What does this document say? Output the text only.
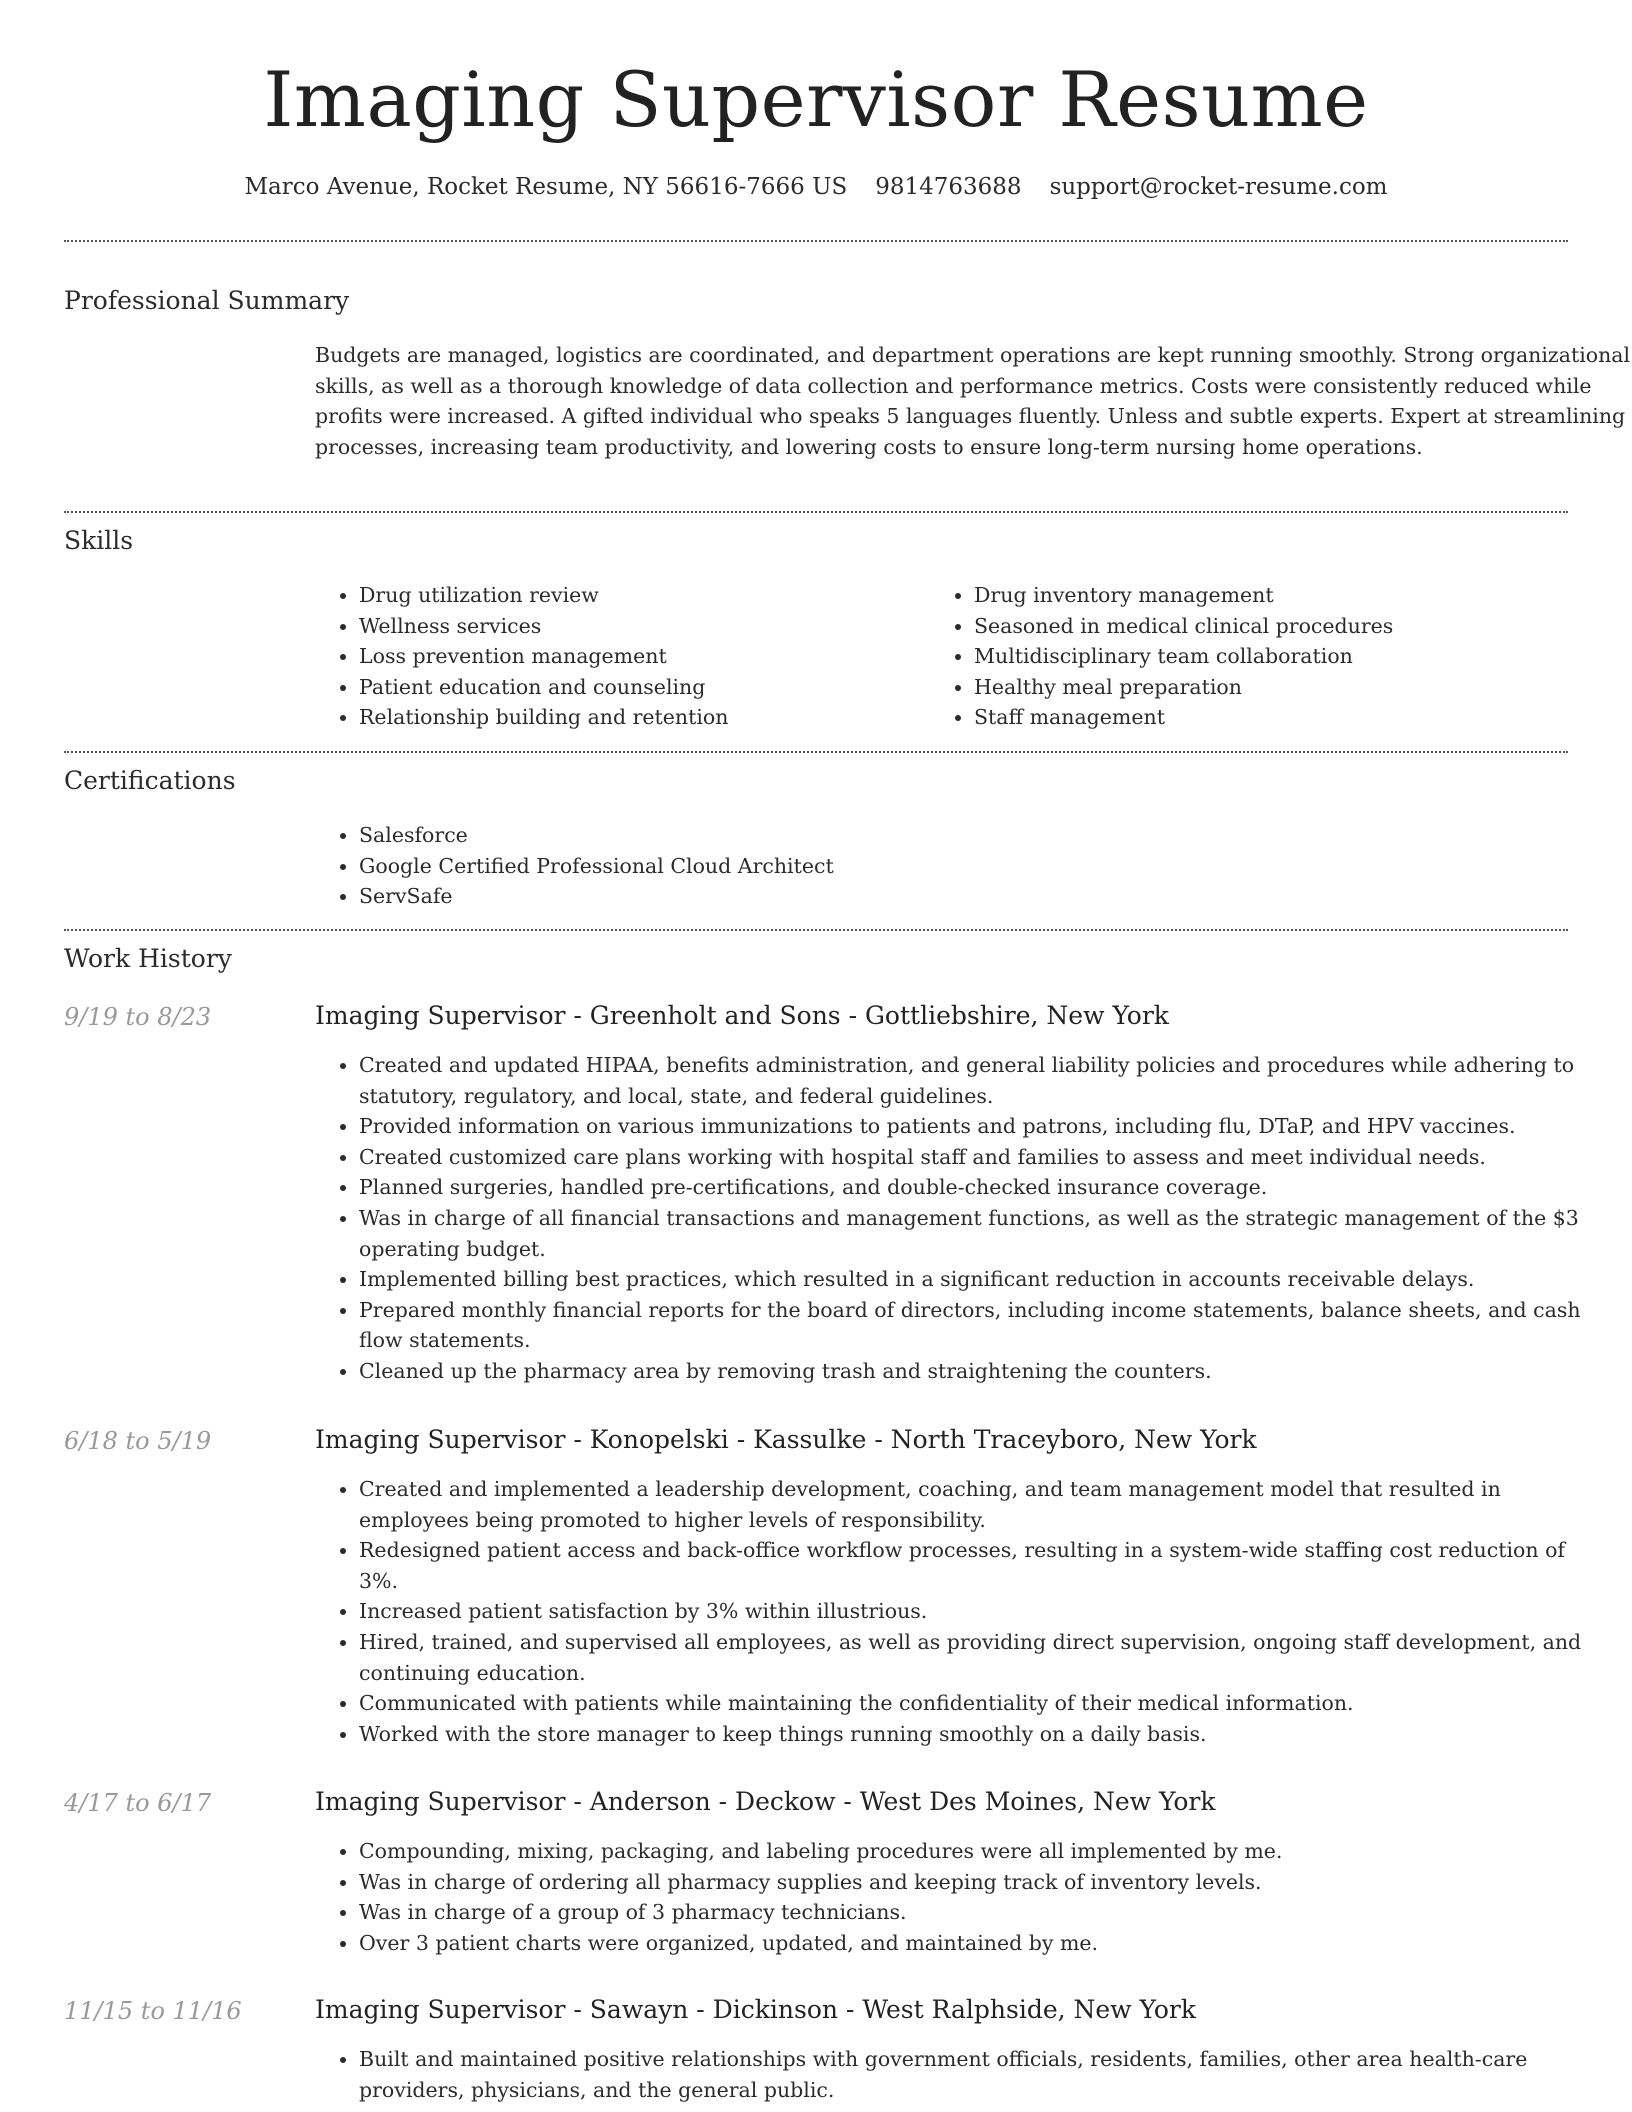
Imaging Supervisor Resume
Marco Avenue, Rocket Resume, NY 56616-7666 US 9814763688 support@rocket-resume.com
Professional Summary
Budgets are managed, logistics are coordinated, and department operations are kept running smoothly. Strong organizational skills, as well as a thorough knowledge of data collection and performance metrics. Costs were consistently reduced while profits were increased. A gifted individual who speaks 5 languages fluently. Unless and subtle experts. Expert at streamlining processes, increasing team productivity, and lowering costs to ensure long-term nursing home operations.
Skills
• Drug utilization review
• Wellness services
• Loss prevention management
• Patient education and counseling
• Relationship building and retention
• Drug inventory management
• Seasoned in medical clinical procedures
• Multidisciplinary team collaboration
• Healthy meal preparation
• Staff management
Certifications
• Salesforce
• Google Certified Professional Cloud Architect
• ServSafe
Work History
9/19 to 8/23	Imaging Supervisor - Greenholt and Sons - Gottliebshire, New York
• Created and updated HIPAA, benefits administration, and general liability policies and procedures while adhering to statutory, regulatory, and local, state, and federal guidelines.
• Provided information on various immunizations to patients and patrons, including flu, DTaP, and HPV vaccines.
• Created customized care plans working with hospital staff and families to assess and meet individual needs.
• Planned surgeries, handled pre-certifications, and double-checked insurance coverage.
• Was in charge of all financial transactions and management functions, as well as the strategic management of the $3 operating budget.
• Implemented billing best practices, which resulted in a significant reduction in accounts receivable delays.
• Prepared monthly financial reports for the board of directors, including income statements, balance sheets, and cash flow statements.
• Cleaned up the pharmacy area by removing trash and straightening the counters.
6/18 to 5/19	Imaging Supervisor - Konopelski - Kassulke - North Traceyboro, New York
• Created and implemented a leadership development, coaching, and team management model that resulted in employees being promoted to higher levels of responsibility.
• Redesigned patient access and back-office workflow processes, resulting in a system-wide staffing cost reduction of 3%.
• Increased patient satisfaction by 3% within illustrious.
• Hired, trained, and supervised all employees, as well as providing direct supervision, ongoing staff development, and continuing education.
• Communicated with patients while maintaining the confidentiality of their medical information.
• Worked with the store manager to keep things running smoothly on a daily basis.
4/17 to 6/17	Imaging Supervisor - Anderson - Deckow - West Des Moines, New York
• Compounding, mixing, packaging, and labeling procedures were all implemented by me.
• Was in charge of ordering all pharmacy supplies and keeping track of inventory levels.
• Was in charge of a group of 3 pharmacy technicians.
• Over 3 patient charts were organized, updated, and maintained by me.
11/15 to 11/16	Imaging Supervisor - Sawayn - Dickinson - West Ralphside, New York
• Built and maintained positive relationships with government officials, residents, families, other area health-care providers, physicians, and the general public.
